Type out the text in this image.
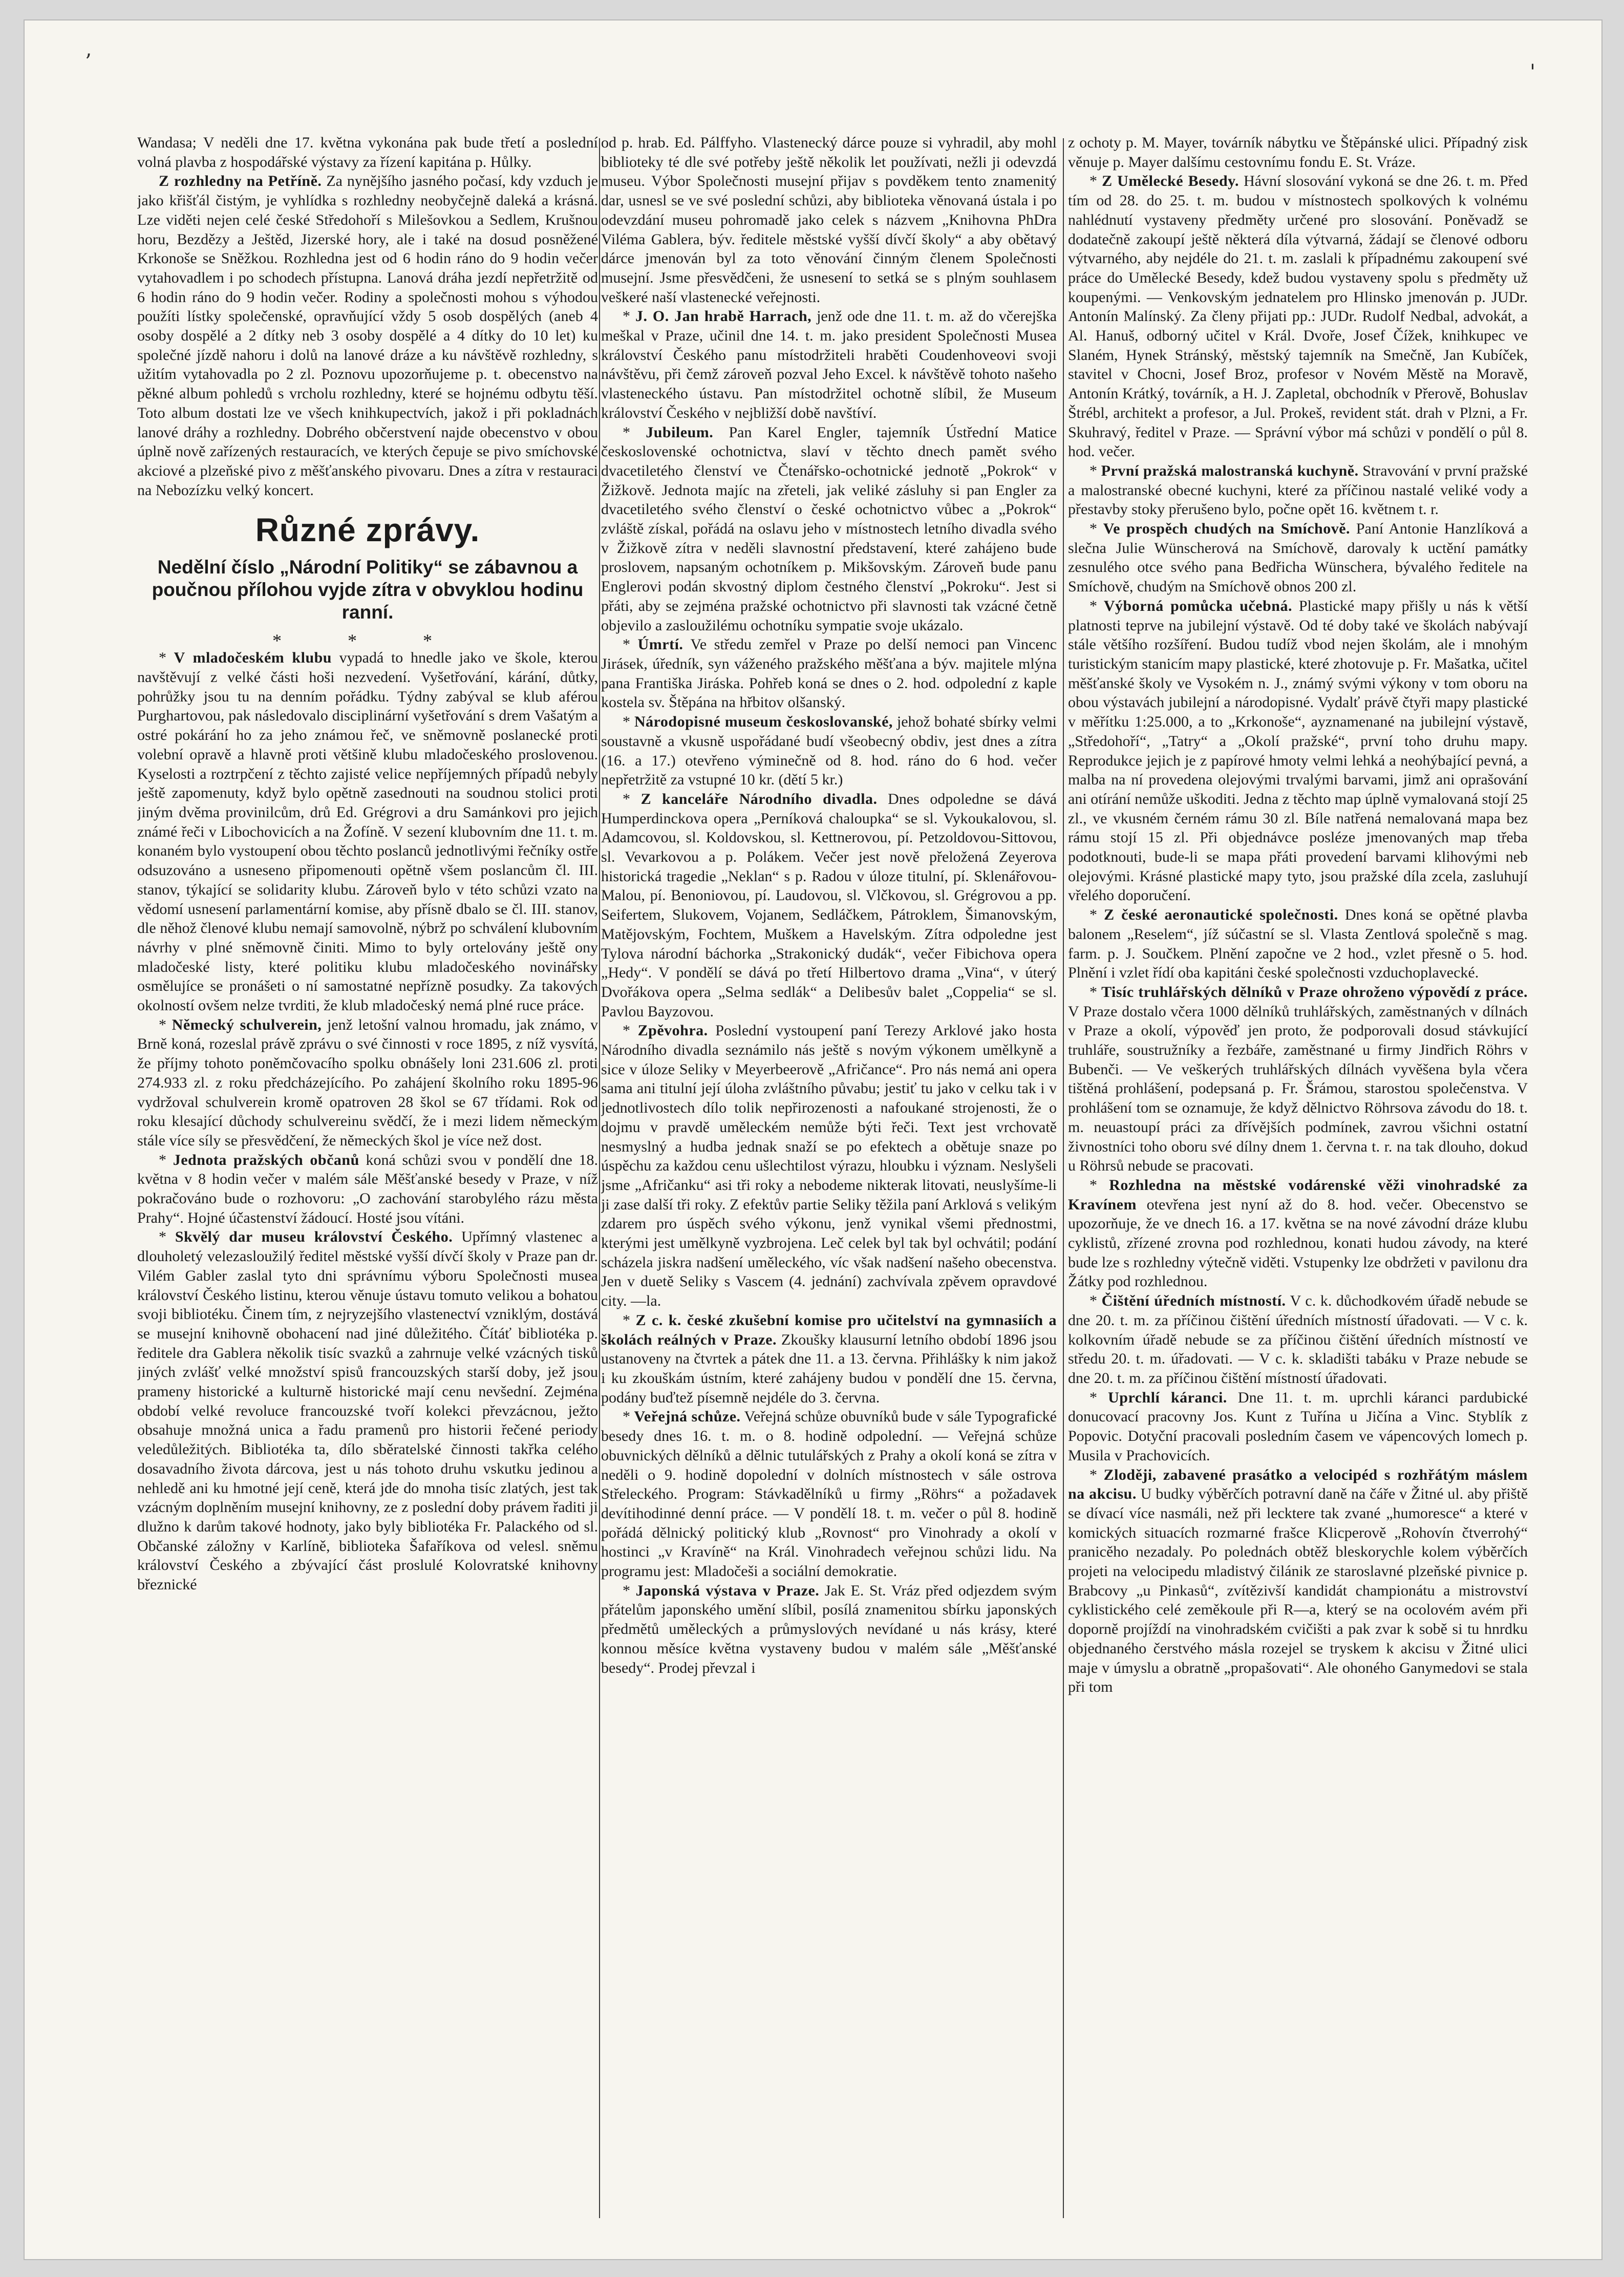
’	'

Wandasa; V neděli dne 17. května vykonána pak bude třetí a poslední volná plavba z hospodářské výstavy za řízení kapitána p. Hůlky.

Z rozhledny na Petříně. Za nynějšího jasného počasí, kdy vzduch je jako křišťál čistým, je vyhlídka s rozhledny neobyčejně daleká a krásná. Lze viděti nejen celé české Středohoří s Milešovkou a Sedlem, Krušnou horu, Bezdězy a Ještěd, Jizerské hory, ale i také na dosud posněžené Krkonoše se Sněžkou. Rozhledna jest od 6 hodin ráno do 9 hodin večer vytahovadlem i po schodech přístupna. Lanová dráha jezdí nepřetržitě od 6 hodin ráno do 9 hodin večer. Rodiny a společnosti mohou s výhodou použíti lístky společenské, opravňující vždy 5 osob dospělých (aneb 4 osoby dospělé a 2 dítky neb 3 osoby dospělé a 4 dítky do 10 let) ku společné jízdě nahoru i dolů na lanové dráze a ku návštěvě rozhledny, s užitím vytahovadla po 2 zl. Poznovu upozorňujeme p. t. obecenstvo na pěkné album pohledů s vrcholu rozhledny, které se hojnému odbytu těší. Toto album dostati lze ve všech knihkupectvích, jakož i při pokladnách lanové dráhy a rozhledny. Dobrého občerstvení najde obecenstvo v obou úplně nově zařízených restauracích, ve kterých čepuje se pivo smíchovské akciové a plzeňské pivo z měšťanského pivovaru. Dnes a zítra v restauraci na Nebozízku velký koncert.

Různé zprávy.
Nedělní číslo „Národní Politiky“ se zábavnou a poučnou přílohou vyjde zítra v obvyklou hodinu ranní.
* * *

* V mladočeském klubu vypadá to hnedle jako ve škole, kterou navštěvují z velké části hoši nezvedení. Vyšetřování, kárání, důtky, pohrůžky jsou tu na denním pořádku. Týdny zabýval se klub aférou Purghartovou, pak následovalo disciplinární vyšetřování s drem Vašatým a ostré pokárání ho za jeho známou řeč, ve sněmovně poslanecké proti volební opravě a hlavně proti většině klubu mladočeského proslovenou. Kyselosti a roztrpčení z těchto zajisté velice nepříjemných případů nebyly ještě zapomenuty, když bylo opětně zasednouti na soudnou stolici proti jiným dvěma provinilcům, drů Ed. Grégrovi a dru Samánkovi pro jejich známé řeči v Libochovicích a na Žofíně. V sezení klubovním dne 11. t. m. konaném bylo vystoupení obou těchto poslanců jednotlivými řečníky ostře odsuzováno a usneseno připomenouti opětně všem poslancům čl. III. stanov, týkající se solidarity klubu. Zároveň bylo v této schůzi vzato na vědomí usnesení parlamentární komise, aby přísně dbalo se čl. III. stanov, dle něhož členové klubu nemají samovolně, nýbrž po schválení klubovním návrhy v plné sněmovně činiti. Mimo to byly ortelovány ještě ony mladočeské listy, které politiku klubu mladočeského novinářsky osmělujíce se pronášeti o ní samostatné nepřízně posudky. Za takových okolností ovšem nelze tvrditi, že klub mladočeský nemá plné ruce práce.

* Německý schulverein, jenž letošní valnou hromadu, jak známo, v Brně koná, rozeslal právě zprávu o své činnosti v roce 1895, z níž vysvítá, že příjmy tohoto poněmčovacího spolku obnášely loni 231.606 zl. proti 274.933 zl. z roku předcházejícího. Po zahájení školního roku 1895-96 vydržoval schulverein kromě opatroven 28 škol se 67 třídami. Rok od roku klesající důchody schulvereinu svědčí, že i mezi lidem německým stále více síly se přesvědčení, že německých škol je více než dost.

* Jednota pražských občanů koná schůzi svou v pondělí dne 18. května v 8 hodin večer v malém sále Měšťanské besedy v Praze, v níž pokračováno bude o rozhovoru: „O zachování starobylého rázu města Prahy“. Hojné účastenství žádoucí. Hosté jsou vítáni.

* Skvělý dar museu království Českého. Upřímný vlastenec a dlouholetý velezasloužilý ředitel městské vyšší dívčí školy v Praze pan dr. Vilém Gabler zaslal tyto dni správnímu výboru Společnosti musea království Českého listinu, kterou věnuje ústavu tomuto velikou a bohatou svoji bibliotéku. Činem tím, z nejryzejšího vlastenectví vzniklým, dostává se musejní knihovně obohacení nad jiné důležitého. Čítáť bibliotéka p. ředitele dra Gablera několik tisíc svazků a zahrnuje velké vzácných tisků jiných zvlášť velké množství spisů francouzských starší doby, jež jsou prameny historické a kulturně historické mají cenu nevšední. Zejména období velké revoluce francouzské tvoří kolekci převzácnou, ježto obsahuje množná unica a řadu pramenů pro historii řečené periody veledůležitých. Bibliotéka ta, dílo sběratelské činnosti takřka celého dosavadního života dárcova, jest u nás tohoto druhu vskutku jedinou a nehledě ani ku hmotné její ceně, která jde do mnoha tisíc zlatých, jest tak vzácným doplněním musejní knihovny, ze z poslední doby právem řaditi ji dlužno k darům takové hodnoty, jako byly bibliotéka Fr. Palackého od sl. Občanské záložny v Karlíně, biblioteka Šafaříkova od velesl. sněmu království Českého a zbývající část proslulé Kolovratské knihovny březnické

od p. hrab. Ed. Pálffyho. Vlastenecký dárce pouze si vyhradil, aby mohl biblioteky té dle své potřeby ještě několik let používati, nežli ji odevzdá museu. Výbor Společnosti musejní přijav s povděkem tento znamenitý dar, usnesl se ve své poslední schůzi, aby biblioteka věnovaná ústala i po odevzdání museu pohromadě jako celek s názvem „Knihovna PhDra Viléma Gablera, býv. ředitele městské vyšší dívčí školy“ a aby obětavý dárce jmenován byl za toto věnování činným členem Společnosti musejní. Jsme přesvědčeni, že usnesení to setká se s plným souhlasem veškeré naší vlastenecké veřejnosti.

* J. O. Jan hrabě Harrach, jenž ode dne 11. t. m. až do včerejška meškal v Praze, učinil dne 14. t. m. jako president Společnosti Musea království Českého panu místodržiteli hraběti Coudenhoveovi svoji návštěvu, při čemž zároveň pozval Jeho Excel. k návštěvě tohoto našeho vlasteneckého ústavu. Pan místodržitel ochotně slíbil, že Museum království Českého v nejbližší době navštíví.

* Jubileum. Pan Karel Engler, tajemník Ústřední Matice československé ochotnictva, slaví v těchto dnech pamět svého dvacetiletého členství ve Čtenářsko-ochotnické jednotě „Pokrok“ v Žižkově. Jednota majíc na zřeteli, jak veliké zásluhy si pan Engler za dvacetiletého svého členství o české ochotnictvo vůbec a „Pokrok“ zvláště získal, pořádá na oslavu jeho v místnostech letního divadla svého v Žižkově zítra v neděli slavnostní představení, které zahájeno bude proslovem, napsaným ochotníkem p. Mikšovským. Zároveň bude panu Englerovi podán skvostný diplom čestného členství „Pokroku“. Jest si přáti, aby se zejména pražské ochotnictvo při slavnosti tak vzácné četně objevilo a zasloužilému ochotníku sympatie svoje ukázalo.

* Úmrtí. Ve středu zemřel v Praze po delší nemoci pan Vincenc Jirásek, úředník, syn váženého pražského měšťana a býv. majitele mlýna pana Františka Jiráska. Pohřeb koná se dnes o 2. hod. odpolední z kaple kostela sv. Štěpána na hřbitov olšanský.

* Národopisné museum českoslovanské, jehož bohaté sbírky velmi soustavně a vkusně uspořádané budí všeobecný obdiv, jest dnes a zítra (16. a 17.) otevřeno výminečně od 8. hod. ráno do 6 hod. večer nepřetržitě za vstupné 10 kr. (dětí 5 kr.)

* Z kanceláře Národního divadla. Dnes odpoledne se dává Humperdinckova opera „Perníková chaloupka“ se sl. Vykoukalovou, sl. Adamcovou, sl. Koldovskou, sl. Kettnerovou, pí. Petzoldovou-Sittovou, sl. Vevarkovou a p. Polákem. Večer jest nově přeložená Zeyerova historická tragedie „Neklan“ s p. Radou v úloze titulní, pí. Sklenářovou-Malou, pí. Benoniovou, pí. Laudovou, sl. Vlčkovou, sl. Grégrovou a pp. Seifertem, Slukovem, Vojanem, Sedláčkem, Pátroklem, Šimanovským, Matějovským, Fochtem, Muškem a Havelským. Zítra odpoledne jest Tylova národní báchorka „Strakonický dudák“, večer Fibichova opera „Hedy“. V pondělí se dává po třetí Hilbertovo drama „Vina“, v úterý Dvořákova opera „Selma sedlák“ a Delibesův balet „Coppelia“ se sl. Pavlou Bayzovou.

* Zpěvohra. Poslední vystoupení paní Terezy Arklové jako hosta Národního divadla seznámilo nás ještě s novým výkonem umělkyně a sice v úloze Seliky v Meyerbeerově „Afričance“. Pro nás nemá ani opera sama ani titulní její úloha zvláštního půvabu; jestiť tu jako v celku tak i v jednotlivostech dílo tolik nepřirozenosti a nafoukané strojenosti, že o dojmu v pravdě uměleckém nemůže býti řeči. Text jest vrchovatě nesmyslný a hudba jednak snaží se po efektech a obětuje snaze po úspěchu za každou cenu ušlechtilost výrazu, hloubku i význam. Neslyšeli jsme „Afričanku“ asi tři roky a nebodeme nikterak litovati, neuslyšíme-li ji zase další tři roky. Z efektův partie Seliky těžila paní Arklová s velikým zdarem pro úspěch svého výkonu, jenž vynikal všemi přednostmi, kterými jest umělkyně vyzbrojena. Leč celek byl tak byl ochvátil; podání scházela jiskra nadšení uměleckého, víc však nadšení našeho obecenstva. Jen v duetě Seliky s Vascem (4. jednání) zachvívala zpěvem opravdové city. —la.

* Z c. k. české zkušební komise pro učitelství na gymnasiích a školách reálných v Praze. Zkoušky klausurní letního období 1896 jsou ustanoveny na čtvrtek a pátek dne 11. a 13. června. Přihlášky k nim jakož i ku zkouškám ústním, které zahájeny budou v pondělí dne 15. června, podány buďtež písemně nejdéle do 3. června.

* Veřejná schůze. Veřejná schůze obuvníků bude v sále Typografické besedy dnes 16. t. m. o 8. hodině odpolední. — Veřejná schůze obuvnických dělníků a dělnic tutulářských z Prahy a okolí koná se zítra v neděli o 9. hodině dopolední v dolních místnostech v sále ostrova Střeleckého. Program: Stávkadělníků u firmy „Röhrs“ a požadavek devítihodinné denní práce. — V pondělí 18. t. m. večer o půl 8. hodině pořádá dělnický politický klub „Rovnost“ pro Vinohrady a okolí v hostinci „v Kravíně“ na Král. Vinohradech veřejnou schůzi lidu. Na programu jest: Mladočeši a sociální demokratie.

* Japonská výstava v Praze. Jak E. St. Vráz před odjezdem svým přátelům japonského umění slíbil, posílá znamenitou sbírku japonských předmětů uměleckých a průmyslových nevídané u nás krásy, které konnou měsíce května vystaveny budou v malém sále „Měšťanské besedy“. Prodej převzal i

z ochoty p. M. Mayer, továrník nábytku ve Štěpánské ulici. Případný zisk věnuje p. Mayer dalšímu cestovnímu fondu E. St. Vráze.

* Z Umělecké Besedy. Hávní slosování vykoná se dne 26. t. m. Před tím od 28. do 25. t. m. budou v místnostech spolkových k volnému nahlédnutí vystaveny předměty určené pro slosování. Poněvadž se dodatečně zakoupí ještě některá díla výtvarná, žádají se členové odboru výtvarného, aby nejdéle do 21. t. m. zaslali k případnému zakoupení své práce do Umělecké Besedy, kdež budou vystaveny spolu s předměty už koupenými. — Venkovským jednatelem pro Hlinsko jmenován p. JUDr. Antonín Malínský. Za členy přijati pp.: JUDr. Rudolf Nedbal, advokát, a Al. Hanuš, odborný učitel v Král. Dvoře, Josef Čížek, knihkupec ve Slaném, Hynek Stránský, městský tajemník na Smečně, Jan Kubíček, stavitel v Chocni, Josef Broz, profesor v Novém Městě na Moravě, Antonín Krátký, továrník, a H. J. Zapletal, obchodník v Přerově, Bohuslav Štrébl, architekt a profesor, a Jul. Prokeš, revident stát. drah v Plzni, a Fr. Skuhravý, ředitel v Praze. — Správní výbor má schůzi v pondělí o půl 8. hod. večer.

* První pražská malostranská kuchyně. Stravování v první pražské a malostranské obecné kuchyni, které za příčinou nastalé veliké vody a přestavby stoky přerušeno bylo, počne opět 16. květnem t. r.

* Ve prospěch chudých na Smíchově. Paní Antonie Hanzlíková a slečna Julie Wünscherová na Smíchově, darovaly k uctění památky zesnulého otce svého pana Bedřicha Wünschera, bývalého ředitele na Smíchově, chudým na Smíchově obnos 200 zl.

* Výborná pomůcka učebná. Plastické mapy přišly u nás k větší platnosti teprve na jubilejní výstavě. Od té doby také ve školách nabývají stále většího rozšíření. Budou tudíž vbod nejen školám, ale i mnohým turistickým stanicím mapy plastické, které zhotovuje p. Fr. Mašatka, učitel měšťanské školy ve Vysokém n. J., známý svými výkony v tom oboru na obou výstavách jubilejní a národopisné. Vydalť právě čtyři mapy plastické v měřítku 1:25.000, a to „Krkonoše“, ayznamenané na jubilejní výstavě, „Středohoří“, „Tatry“ a „Okolí pražské“, první toho druhu mapy. Reprodukce jejich je z papírové hmoty velmi lehká a neohýbající pevná, a malba na ní provedena olejovými trvalými barvami, jimž ani oprašování ani otírání nemůže uškoditi. Jedna z těchto map úplně vymalovaná stojí 25 zl., ve vkusném černém rámu 30 zl. Bíle natřená nemalovaná mapa bez rámu stojí 15 zl. Při objednávce posléze jmenovaných map třeba podotknouti, bude-li se mapa přáti provedení barvami klihovými neb olejovými. Krásné plastické mapy tyto, jsou pražské díla zcela, zasluhují vřelého doporučení.

* Z české aeronautické společnosti. Dnes koná se opětné plavba balonem „Reselem“, jíž súčastní se sl. Vlasta Zentlová společně s mag. farm. p. J. Součkem. Plnění započne ve 2 hod., vzlet přesně o 5. hod. Plnění i vzlet řídí oba kapitáni české společnosti vzduchoplavecké.

* Tisíc truhlářských dělníků v Praze ohroženo výpovědí z práce. V Praze dostalo včera 1000 dělníků truhlářských, zaměstnaných v dílnách v Praze a okolí, výpověď jen proto, že podporovali dosud stávkující truhláře, soustružníky a řezbáře, zaměstnané u firmy Jindřich Röhrs v Bubenči. — Ve veškerých truhlářských dílnách vyvěšena byla včera tištěná prohlášení, podepsaná p. Fr. Šrámou, starostou společenstva. V prohlášení tom se oznamuje, že když dělnictvo Röhrsova závodu do 18. t. m. neuastoupí práci za dřívějších podmínek, zavrou všichni ostatní živnostníci toho oboru své dílny dnem 1. června t. r. na tak dlouho, dokud u Röhrsů nebude se pracovati.

* Rozhledna na městské vodárenské věži vinohradské za Kravínem otevřena jest nyní až do 8. hod. večer. Obecenstvo se upozorňuje, že ve dnech 16. a 17. května se na nové závodní dráze klubu cyklistů, zřízené zrovna pod rozhlednou, konati hudou závody, na které bude lze s rozhledny výtečně viděti. Vstupenky lze obdržeti v pavilonu dra Žátky pod rozhlednou.

* Čištění úředních místností. V c. k. důchodkovém úřadě nebude se dne 20. t. m. za příčinou čištění úředních místností úřadovati. — V c. k. kolkovním úřadě nebude se za příčinou čištění úředních místností ve středu 20. t. m. úřadovati. — V c. k. skladišti tabáku v Praze nebude se dne 20. t. m. za příčinou čištění místností úřadovati.

* Uprchlí káranci. Dne 11. t. m. uprchli káranci pardubické donucovací pracovny Jos. Kunt z Tuřína u Jičína a Vinc. Styblík z Popovic. Dotyční pracovali posledním časem ve vápencových lomech p. Musila v Prachovicích.

* Zloději, zabavené prasátko a velocipéd s rozhřátým máslem na akcisu. U budky výběrčích potravní daně na čáře v Žitné ul. aby přiště se dívací více nasmáli, než při lecktere tak zvané „humoresce“ a které v komických situacích rozmarné frašce Klicperově „Rohovín čtverrohý“ pranicěho nezadaly. Po polednách obtěž bleskorychle kolem výběrčích projeti na velocipedu mladistvý čilánik ze staroslavné plzeňské pivnice p. Brabcovy „u Pinkasů“, zvítězivší kandidát championátu a mistrovství cyklistického celé zeměkoule při R—a, který se na ocolovém avém při doporně projíždí na vinohradském cvičišti a pak zvar k sobě si tu hnrdku objednaného čerstvého másla rozejel se tryskem k akcisu v Žitné ulici maje v úmyslu a obratně „propašovati“. Ale ohoného Ganymedovi se stala při tom
